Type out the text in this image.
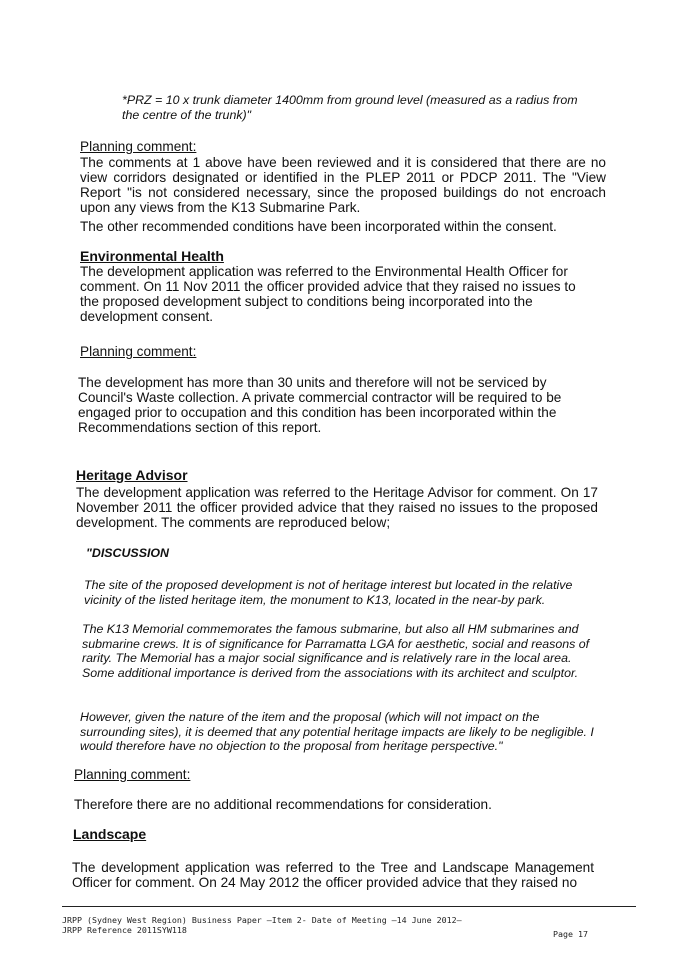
*PRZ = 10 x trunk diameter 1400mm from ground level (measured as a radius from the centre of the trunk)"

Planning comment:

The comments at 1 above have been reviewed and it is considered that there are no view corridors designated or identified in the PLEP 2011 or PDCP 2011. The "View Report "is not considered necessary, since the proposed buildings do not encroach upon any views from the K13 Submarine Park.

The other recommended conditions have been incorporated within the consent.

Environmental Health

The development application was referred to the Environmental Health Officer for comment. On 11 Nov 2011 the officer provided advice that they raised no issues to the proposed development subject to conditions being incorporated into the development consent.

Planning comment:

The development has more than 30 units and therefore will not be serviced by Council's Waste collection. A private commercial contractor will be required to be engaged prior to occupation and this condition has been incorporated within the Recommendations section of this report.

Heritage Advisor

The development application was referred to the Heritage Advisor for comment. On 17 November 2011 the officer provided advice that they raised no issues to the proposed development. The comments are reproduced below;

"DISCUSSION

The site of the proposed development is not of heritage interest but located in the relative vicinity of the listed heritage item, the monument to K13, located in the near-by park.

The K13 Memorial commemorates the famous submarine, but also all HM submarines and submarine crews. It is of significance for Parramatta LGA for aesthetic, social and reasons of rarity. The Memorial has a major social significance and is relatively rare in the local area. Some additional importance is derived from the associations with its architect and sculptor.

However, given the nature of the item and the proposal (which will not impact on the surrounding sites), it is deemed that any potential heritage impacts are likely to be negligible. I would therefore have no objection to the proposal from heritage perspective."

Planning comment:

Therefore there are no additional recommendations for consideration.

Landscape

The development application was referred to the Tree and Landscape Management Officer for comment. On 24 May 2012 the officer provided advice that they raised no

JRPP (Sydney West Region) Business Paper –Item 2- Date of Meeting –14 June 2012–

JRPP Reference 2011SYW118	Page 17
